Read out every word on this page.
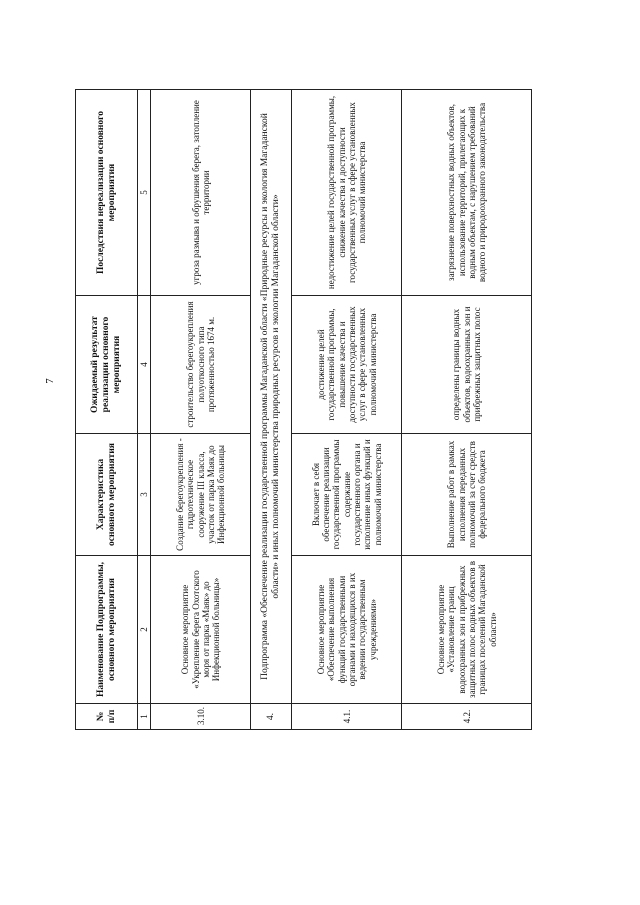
7
№ п/п	Наименование Подпрограммы, основного мероприятия	Характеристика основного мероприятия	Ожидаемый результат реализации основного мероприятия	Последствия нереализации основного мероприятия
1	2	3	4	5
3.10.	Основное мероприятие «Укрепление берега Охотского моря от парка «Маяк» до Инфекционной больницы»	Создание берегоукрепления - гидротехническое сооружение III класса, участок от парка Маяк до Инфекционной больницы	строительство берегоукрепления полуоткосного типа протяженностью 1674 м.	угроза размыва и обрушения берега, затопление территории
4.	Подпрограмма «Обеспечение реализации государственной программы Магаданской области «Природные ресурсы и экология Магаданской области» и иных полномочий министерства природных ресурсов и экологии Магаданской области»			
4.1.	Основное мероприятие «Обеспечение выполнения функций государственными органами и находящихся в их ведении государственным учреждениями»	Включает в себя обеспечение реализации государственной программы содержание государственного органа и исполнение иных функций и полномочий министерства	достижение целей государственной программы, повышение качества и доступности государственных услуг в сфере установленных полномочий министерства	недостижение целей государственной программы, снижение качества и доступности государственных услуг в сфере установленных полномочий министерства
4.2.	Основное мероприятие «Установление границ водоохранных зон и прибрежных защитных полос водных объектов в границах поселений Магаданской области»	Выполнение работ в рамках исполнения переданных полномочий за счет средств федерального бюджета	определены границы водных объектов, водоохранных зон и прибрежных защитных полос	загрязнение поверхностных водных объектов, использование территорий, прилегающих к водным объектам, с нарушением требований водного и природоохранного законодательства
